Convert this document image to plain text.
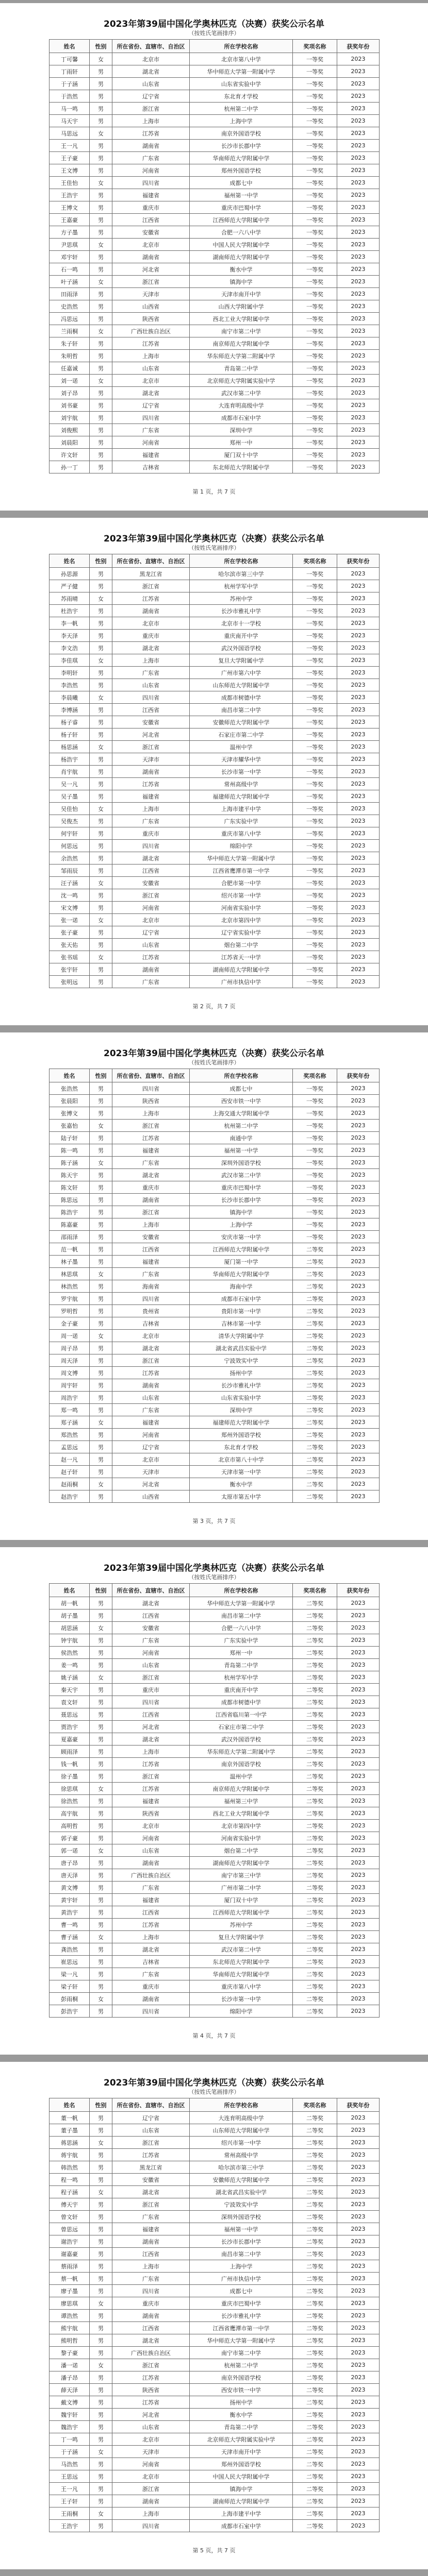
2023年第39届中国化学奥林匹克（决赛）获奖公示名单
（按姓氏笔画排序）
姓名	性别	所在省份、直辖市、自治区	所在学校名称	奖项名称	获奖年份
丁可馨	女	北京市	北京市第八中学	一等奖	2023
丁雨轩	男	湖北省	华中师范大学第一附属中学	一等奖	2023
于子涵	男	山东省	山东省实验中学	一等奖	2023
于浩然	男	辽宁省	东北育才学校	一等奖	2023
马一鸣	男	浙江省	杭州第二中学	一等奖	2023
马天宇	男	上海市	上海中学	一等奖	2023
马思远	女	江苏省	南京外国语学校	一等奖	2023
王一凡	男	湖南省	长沙市长郡中学	一等奖	2023
王子豪	男	广东省	华南师范大学附属中学	一等奖	2023
王文博	男	河南省	郑州外国语学校	一等奖	2023
王佳怡	女	四川省	成都七中	一等奖	2023
王浩宇	男	福建省	福州第一中学	一等奖	2023
王博文	男	重庆市	重庆市巴蜀中学	一等奖	2023
王嘉豪	男	江西省	江西师范大学附属中学	一等奖	2023
方子墨	男	安徽省	合肥一六八中学	一等奖	2023
尹思琪	女	北京市	中国人民大学附属中学	一等奖	2023
邓宇轩	男	湖南省	湖南师范大学附属中学	一等奖	2023
石一鸣	男	河北省	衡水中学	一等奖	2023
叶子涵	女	浙江省	镇海中学	一等奖	2023
田雨泽	男	天津市	天津市南开中学	一等奖	2023
史浩然	男	山西省	山西大学附属中学	一等奖	2023
冯思远	男	陕西省	西北工业大学附属中学	一等奖	2023
兰雨桐	女	广西壮族自治区	南宁市第二中学	一等奖	2023
朱子轩	男	江苏省	南京师范大学附属中学	一等奖	2023
朱明哲	男	上海市	华东师范大学第二附属中学	一等奖	2023
任嘉诚	男	山东省	青岛第二中学	一等奖	2023
刘一诺	女	北京市	北京师范大学附属实验中学	一等奖	2023
刘子昂	男	湖北省	武汉市第二中学	一等奖	2023
刘书豪	男	辽宁省	大连育明高级中学	一等奖	2023
刘宇航	男	四川省	成都市石室中学	一等奖	2023
刘俊熙	男	广东省	深圳中学	一等奖	2023
刘晨阳	男	河南省	郑州一中	一等奖	2023
许文轩	男	福建省	厦门双十中学	一等奖	2023
孙一丁	男	吉林省	东北师范大学附属中学	一等奖	2023
第 1 页，共 7 页
2023年第39届中国化学奥林匹克（决赛）获奖公示名单
（按姓氏笔画排序）
姓名	性别	所在省份、直辖市、自治区	所在学校名称	奖项名称	获奖年份
孙思源	男	黑龙江省	哈尔滨市第三中学	一等奖	2023
严子健	男	浙江省	杭州学军中学	一等奖	2023
苏雨晴	女	江苏省	苏州中学	一等奖	2023
杜浩宇	男	湖南省	长沙市雅礼中学	一等奖	2023
李一帆	男	北京市	北京市十一学校	一等奖	2023
李天泽	男	重庆市	重庆南开中学	一等奖	2023
李文浩	男	湖北省	武汉外国语学校	一等奖	2023
李佳琪	女	上海市	复旦大学附属中学	一等奖	2023
李明轩	男	广东省	广州市第六中学	一等奖	2023
李浩然	男	山东省	山东师范大学附属中学	一等奖	2023
李晨曦	女	四川省	成都市树德中学	一等奖	2023
李博涵	男	江西省	南昌市第二中学	一等奖	2023
杨子睿	男	安徽省	安徽师范大学附属中学	一等奖	2023
杨子轩	男	河北省	石家庄市第二中学	一等奖	2023
杨思涵	女	浙江省	温州中学	一等奖	2023
杨浩宇	男	天津市	天津市耀华中学	一等奖	2023
肖宇航	男	湖南省	长沙市第一中学	一等奖	2023
吴一凡	男	江苏省	常州高级中学	一等奖	2023
吴子墨	男	福建省	福建师范大学附属中学	一等奖	2023
吴佳怡	女	上海市	上海市建平中学	一等奖	2023
吴俊杰	男	广东省	广东实验中学	一等奖	2023
何宇轩	男	重庆市	重庆市第八中学	一等奖	2023
何思远	男	四川省	绵阳中学	一等奖	2023
余浩然	男	湖北省	华中师范大学第一附属中学	一等奖	2023
邹雨辰	男	江西省	江西省鹰潭市第一中学	一等奖	2023
汪子涵	女	安徽省	合肥市第一中学	一等奖	2023
沈一鸣	男	浙江省	绍兴市第一中学	一等奖	2023
宋文博	男	河南省	河南省实验中学	一等奖	2023
张一诺	女	北京市	北京市第四中学	一等奖	2023
张子豪	男	辽宁省	辽宁省实验中学	一等奖	2023
张天佑	男	山东省	烟台第二中学	一等奖	2023
张书瑶	女	江苏省	江苏省天一中学	一等奖	2023
张宇轩	男	湖南省	湖南师范大学附属中学	一等奖	2023
张明远	男	广东省	广州市执信中学	一等奖	2023
第 2 页，共 7 页
2023年第39届中国化学奥林匹克（决赛）获奖公示名单
（按姓氏笔画排序）
姓名	性别	所在省份、直辖市、自治区	所在学校名称	奖项名称	获奖年份
张浩然	男	四川省	成都七中	一等奖	2023
张晨阳	男	陕西省	西安市铁一中学	一等奖	2023
张博文	男	上海市	上海交通大学附属中学	一等奖	2023
张嘉怡	女	浙江省	杭州第二中学	一等奖	2023
陆子轩	男	江苏省	南通中学	一等奖	2023
陈一鸣	男	福建省	福州第一中学	一等奖	2023
陈子涵	女	广东省	深圳外国语学校	一等奖	2023
陈天宇	男	湖北省	武汉市第二中学	一等奖	2023
陈文轩	男	重庆市	重庆市巴蜀中学	一等奖	2023
陈思远	男	湖南省	长沙市长郡中学	一等奖	2023
陈浩宇	男	浙江省	镇海中学	一等奖	2023
陈嘉豪	男	上海市	上海中学	一等奖	2023
邵雨泽	男	安徽省	安庆市第一中学	一等奖	2023
范一帆	男	江西省	江西师范大学附属中学	二等奖	2023
林子墨	男	福建省	厦门第一中学	二等奖	2023
林思琪	女	广东省	华南师范大学附属中学	二等奖	2023
林浩然	男	海南省	海南中学	二等奖	2023
罗宇航	男	四川省	成都市石室中学	二等奖	2023
罗明哲	男	贵州省	贵阳市第一中学	二等奖	2023
金子豪	男	吉林省	吉林市第一中学	二等奖	2023
周一诺	女	北京市	清华大学附属中学	二等奖	2023
周子昂	男	湖北省	湖北省武昌实验中学	二等奖	2023
周天泽	男	浙江省	宁波效实中学	二等奖	2023
周文博	男	江苏省	扬州中学	二等奖	2023
周宇轩	男	湖南省	长沙市雅礼中学	二等奖	2023
周浩宇	男	山东省	山东省实验中学	二等奖	2023
郑一鸣	男	广东省	深圳中学	二等奖	2023
郑子涵	女	福建省	福建师范大学附属中学	二等奖	2023
郑浩然	男	河南省	郑州外国语学校	二等奖	2023
孟思远	男	辽宁省	东北育才学校	二等奖	2023
赵一凡	男	北京市	北京市第八十中学	二等奖	2023
赵子轩	男	天津市	天津市第一中学	二等奖	2023
赵雨桐	女	河北省	衡水中学	二等奖	2023
赵浩宇	男	山西省	太原市第五中学	二等奖	2023
第 3 页，共 7 页
2023年第39届中国化学奥林匹克（决赛）获奖公示名单
（按姓氏笔画排序）
姓名	性别	所在省份、直辖市、自治区	所在学校名称	奖项名称	获奖年份
胡一帆	男	湖北省	华中师范大学第一附属中学	二等奖	2023
胡子墨	男	江西省	南昌市第二中学	二等奖	2023
胡思涵	女	安徽省	合肥一六八中学	二等奖	2023
钟宇航	男	广东省	广东实验中学	二等奖	2023
侯浩然	男	河南省	郑州一中	二等奖	2023
姜一鸣	男	山东省	青岛第二中学	二等奖	2023
姚子涵	女	浙江省	杭州学军中学	二等奖	2023
秦天宇	男	重庆市	重庆南开中学	二等奖	2023
袁文轩	男	四川省	成都市树德中学	二等奖	2023
聂思远	男	江西省	江西省临川第一中学	二等奖	2023
贾浩宇	男	河北省	石家庄市第二中学	二等奖	2023
夏嘉豪	男	湖北省	武汉外国语学校	二等奖	2023
顾雨泽	男	上海市	华东师范大学第二附属中学	二等奖	2023
钱一帆	男	江苏省	南京外国语学校	二等奖	2023
徐子墨	男	浙江省	温州中学	二等奖	2023
徐思琪	女	江苏省	南京师范大学附属中学	二等奖	2023
徐浩然	男	福建省	福州第三中学	二等奖	2023
高宇航	男	陕西省	西北工业大学附属中学	二等奖	2023
高明哲	男	北京市	北京市第四中学	二等奖	2023
郭子豪	男	河南省	河南省实验中学	二等奖	2023
郭一诺	女	山东省	烟台第二中学	二等奖	2023
唐子昂	男	湖南省	湖南师范大学附属中学	二等奖	2023
唐天泽	男	广西壮族自治区	南宁市第三中学	二等奖	2023
黄文博	男	广东省	广州市第二中学	二等奖	2023
黄宇轩	男	福建省	厦门双十中学	二等奖	2023
黄浩宇	男	江西省	江西师范大学附属中学	二等奖	2023
曹一鸣	男	江苏省	苏州中学	二等奖	2023
曹子涵	女	上海市	复旦大学附属中学	二等奖	2023
龚浩然	男	湖北省	武汉市第二中学	二等奖	2023
崔思远	男	吉林省	东北师范大学附属中学	二等奖	2023
梁一凡	男	广东省	华南师范大学附属中学	二等奖	2023
梁子轩	男	重庆市	重庆市第八中学	二等奖	2023
彭雨桐	女	湖南省	长沙市第一中学	二等奖	2023
彭浩宇	男	四川省	绵阳中学	二等奖	2023
第 4 页，共 7 页
2023年第39届中国化学奥林匹克（决赛）获奖公示名单
（按姓氏笔画排序）
姓名	性别	所在省份、直辖市、自治区	所在学校名称	奖项名称	获奖年份
董一帆	男	辽宁省	大连育明高级中学	二等奖	2023
董子墨	男	山东省	山东师范大学附属中学	二等奖	2023
蒋思涵	女	浙江省	绍兴市第一中学	二等奖	2023
蒋宇航	男	江苏省	常州高级中学	二等奖	2023
韩浩然	男	黑龙江省	哈尔滨市第三中学	二等奖	2023
程一鸣	男	安徽省	安徽师范大学附属中学	二等奖	2023
程子涵	女	湖北省	湖北省武昌实验中学	二等奖	2023
傅天宇	男	浙江省	宁波效实中学	二等奖	2023
曾文轩	男	广东省	深圳外国语学校	二等奖	2023
曾思远	男	福建省	福州第一中学	二等奖	2023
谢浩宇	男	湖南省	长沙市长郡中学	二等奖	2023
谢嘉豪	男	江西省	南昌市第二中学	二等奖	2023
蔡雨泽	男	上海市	上海中学	二等奖	2023
蔡一帆	男	广东省	广州市执信中学	二等奖	2023
廖子墨	男	四川省	成都七中	二等奖	2023
廖思琪	女	重庆市	重庆市巴蜀中学	二等奖	2023
谭浩然	男	湖南省	长沙市雅礼中学	二等奖	2023
熊宇航	男	江西省	江西省鹰潭市第一中学	二等奖	2023
熊明哲	男	湖北省	华中师范大学第一附属中学	二等奖	2023
黎子豪	男	广西壮族自治区	南宁市第二中学	二等奖	2023
潘一诺	女	浙江省	杭州第二中学	二等奖	2023
潘子昂	男	江苏省	南京外国语学校	二等奖	2023
薛天泽	男	陕西省	西安市铁一中学	二等奖	2023
戴文博	男	江苏省	扬州中学	二等奖	2023
魏宇轩	男	河北省	衡水中学	二等奖	2023
魏浩宇	男	山东省	青岛第二中学	二等奖	2023
丁一鸣	男	北京市	北京师范大学附属实验中学	二等奖	2023
于子涵	女	天津市	天津市南开中学	二等奖	2023
马浩然	男	河南省	郑州外国语学校	二等奖	2023
王思远	男	北京市	中国人民大学附属中学	二等奖	2023
王一凡	男	浙江省	镇海中学	二等奖	2023
王子轩	男	湖南省	湖南师范大学附属中学	二等奖	2023
王雨桐	女	上海市	上海市建平中学	二等奖	2023
王浩宇	男	四川省	成都市石室中学	二等奖	2023
第 5 页，共 7 页
